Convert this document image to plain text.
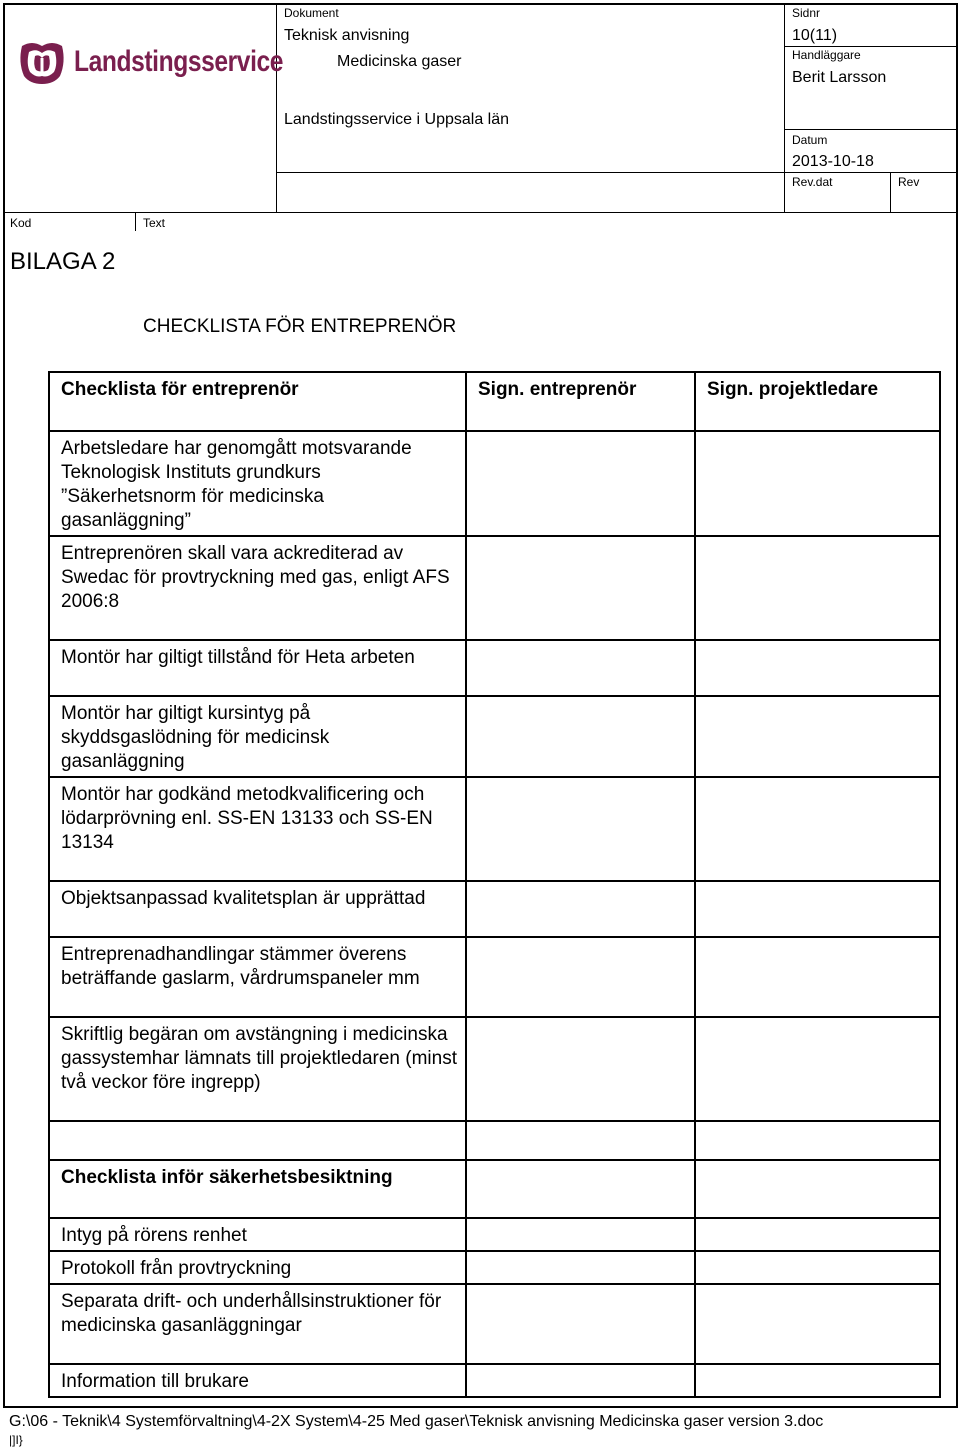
Landstingsservice
Dokument
Teknisk anvisning
Medicinska gaser
Landstingsservice i Uppsala län
Sidnr
10(11)
Handläggare
Berit Larsson
Datum
2013-10-18
Rev.dat	Rev
Kod	Text
BILAGA 2
CHECKLISTA FÖR ENTREPRENÖR
Checklista för entreprenör	Sign. entreprenör	Sign. projektledare
Arbetsledare har genomgått motsvarande Teknologisk Instituts grundkurs ”Säkerhetsnorm för medicinska gasanläggning”		
Entreprenören skall vara ackrediterad av Swedac för provtryckning med gas, enligt AFS 2006:8		
Montör har giltigt tillstånd för Heta arbeten		
Montör har giltigt kursintyg på skyddsgaslödning för medicinsk gasanläggning		
Montör har godkänd metodkvalificering och lödarprövning enl. SS-EN 13133 och SS-EN 13134		
Objektsanpassad kvalitetsplan är upprättad		
Entreprenadhandlingar stämmer överens beträffande gaslarm, vårdrumspaneler mm		
Skriftlig begäran om avstängning i medicinska gassystemhar lämnats till projektledaren (minst två veckor före ingrepp)		

Checklista inför säkerhetsbesiktning		
Intyg på rörens renhet		
Protokoll från provtryckning		
Separata drift- och underhållsinstruktioner för medicinska gasanläggningar		
Information till brukare		
G:\06 - Teknik\4 Systemförvaltning\4-2X System\4-25 Med gaser\Teknisk anvisning Medicinska gaser version 3.doc
|]I}
